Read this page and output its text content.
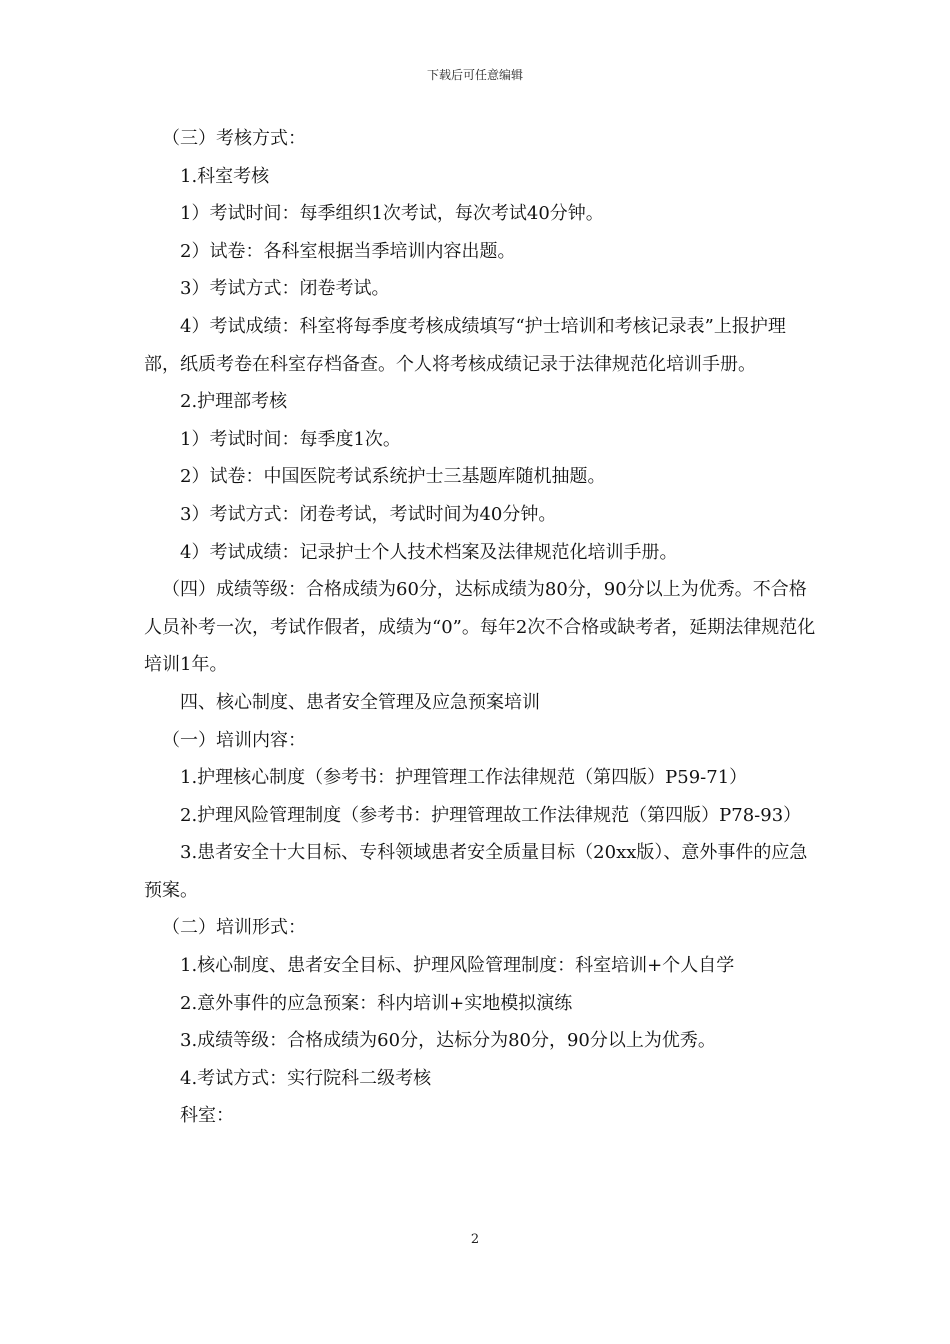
下载后可任意编辑

（三）考核方式：

1.科室考核

1）考试时间：每季组织1次考试，每次考试40分钟。

2）试卷：各科室根据当季培训内容出题。

3）考试方式：闭卷考试。

4）考试成绩：科室将每季度考核成绩填写“护士培训和考核记录表”上报护理部，纸质考卷在科室存档备查。个人将考核成绩记录于法律规范化培训手册。

2.护理部考核

1）考试时间：每季度1次。

2）试卷：中国医院考试系统护士三基题库随机抽题。

3）考试方式：闭卷考试，考试时间为40分钟。

4）考试成绩：记录护士个人技术档案及法律规范化培训手册。

（四）成绩等级：合格成绩为60分，达标成绩为80分，90分以上为优秀。不合格人员补考一次，考试作假者，成绩为“0”。每年2次不合格或缺考者，延期法律规范化培训1年。

四、核心制度、患者安全管理及应急预案培训

（一）培训内容：

1.护理核心制度（参考书：护理管理工作法律规范（第四版）P59-71）

2.护理风险管理制度（参考书：护理管理故工作法律规范（第四版）P78-93）

3.患者安全十大目标、专科领域患者安全质量目标（20xx版）、意外事件的应急预案。

（二）培训形式：

1.核心制度、患者安全目标、护理风险管理制度：科室培训+个人自学

2.意外事件的应急预案：科内培训+实地模拟演练

3.成绩等级：合格成绩为60分，达标分为80分，90分以上为优秀。

4.考试方式：实行院科二级考核

科室：

2
